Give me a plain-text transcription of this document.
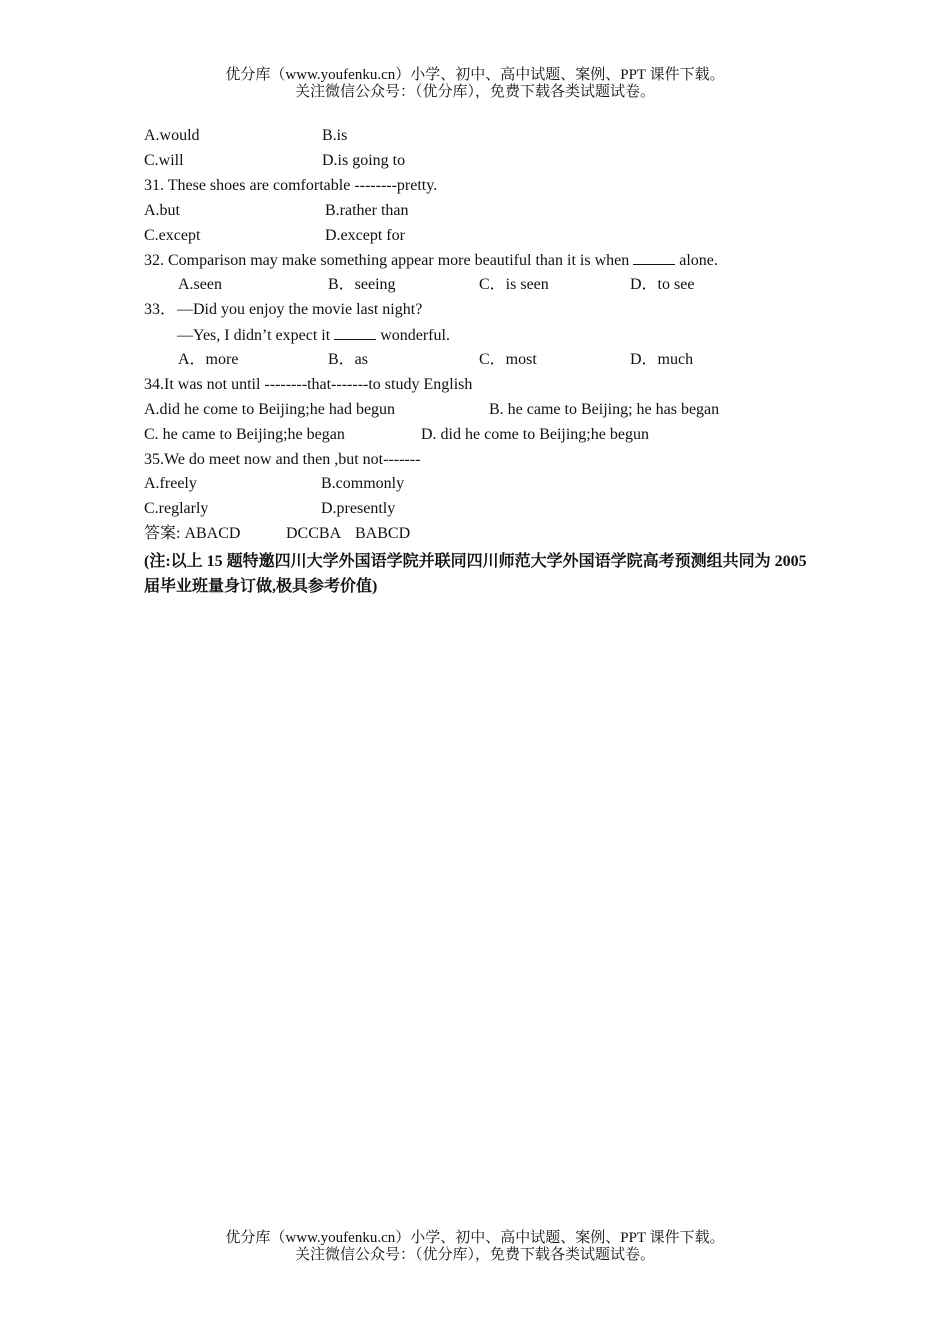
优分库（www.youfenku.cn）小学、初中、高中试题、案例、PPT 课件下载。
关注微信公众号：（优分库），免费下载各类试题试卷。
A.would	B.is
C.will	D.is going to
31. These shoes are comfortable --------pretty.
A.but	B.rather than
C.except	D.except for
32. Comparison may make something appear more beautiful than it is when	alone.
A.seen	B．seeing	C．is seen	D．to see
33． —Did you enjoy the movie last night?
—Yes, I didn’t expect it	wonderful.
A．more	B．as	C．most	D．much
34.It was not until --------that-------to study English
A.did he come to Beijing;he had begun	B. he came to Beijing; he has began
C. he came to Beijing;he began	D. did he come to Beijing;he begun
35.We do meet now and then ,but not-------
A.freely	B.commonly
C.reglarly	D.presently
答案: ABACD	DCCBA BABCD
(注:以上 15 题特邀四川大学外国语学院并联同四川师范大学外国语学院高考预测组共同为 2005 届毕业班量身订做,极具参考价值)
优分库（www.youfenku.cn）小学、初中、高中试题、案例、PPT 课件下载。
关注微信公众号：（优分库），免费下载各类试题试卷。
